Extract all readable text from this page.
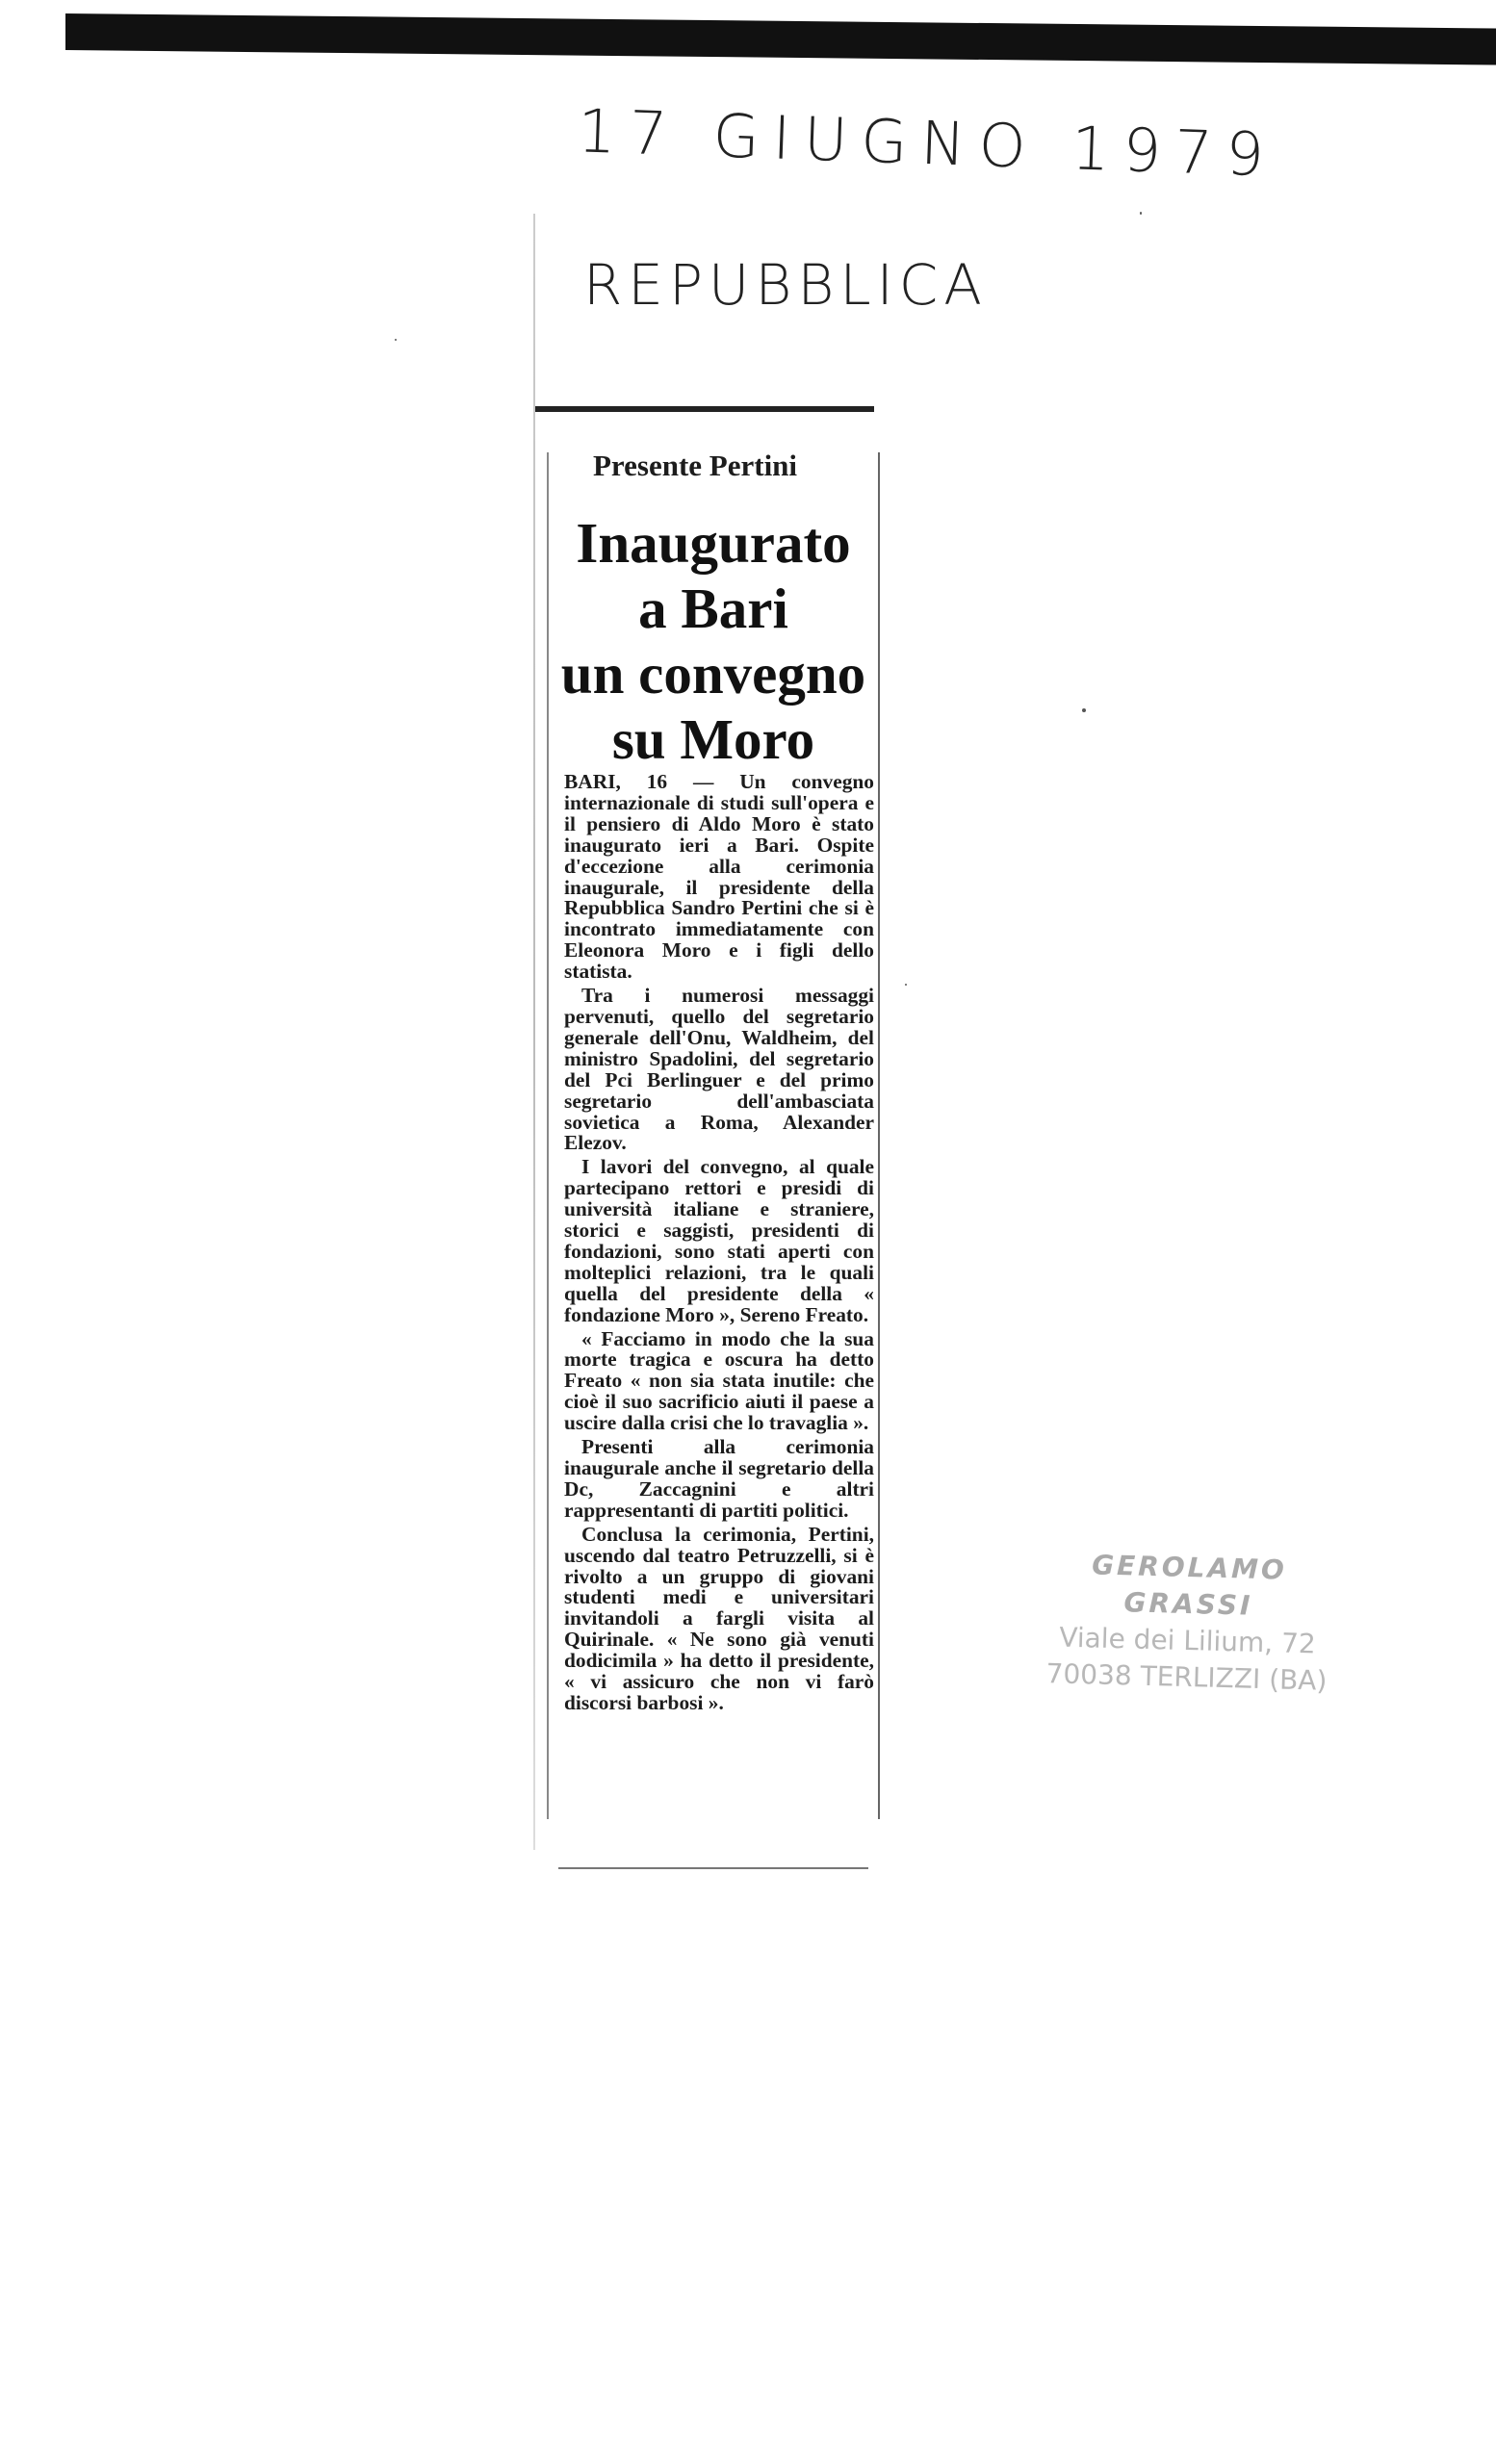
17 GIUGNO 1979
REPUBBLICA
Presente Pertini
Inaugurato
a Bari
un convegno
su Moro

BARI, 16 — Un convegno internazionale di studi sull'opera e il pensiero di Aldo Moro è stato inaugurato ieri a Bari. Ospite d'eccezione alla cerimonia inaugurale, il presidente della Repubblica Sandro Pertini che si è incontrato immediatamente con Eleonora Moro e i figli dello statista.

Tra i numerosi messaggi pervenuti, quello del segretario generale dell'Onu, Waldheim, del ministro Spadolini, del segretario del Pci Berlinguer e del primo segretario dell'ambasciata sovietica a Roma, Alexander Elezov.

I lavori del convegno, al quale partecipano rettori e presidi di università italiane e straniere, storici e saggisti, presidenti di fondazioni, sono stati aperti con molteplici relazioni, tra le quali quella del presidente della « fondazione Moro », Sereno Freato.

« Facciamo in modo che la sua morte tragica e oscura ha detto Freato « non sia stata inutile: che cioè il suo sacrificio aiuti il paese a uscire dalla crisi che lo travaglia ».

Presenti alla cerimonia inaugurale anche il segretario della Dc, Zaccagnini e altri rappresentanti di partiti politici.

Conclusa la cerimonia, Pertini, uscendo dal teatro Petruzzelli, si è rivolto a un gruppo di giovani studenti medi e universitari invitandoli a fargli visita al Quirinale. « Ne sono già venuti dodicimila » ha detto il presidente, « vi assicuro che non vi farò discorsi barbosi ».

GEROLAMO GRASSI
Viale dei Lilium, 72
70038 TERLIZZI (BA)
